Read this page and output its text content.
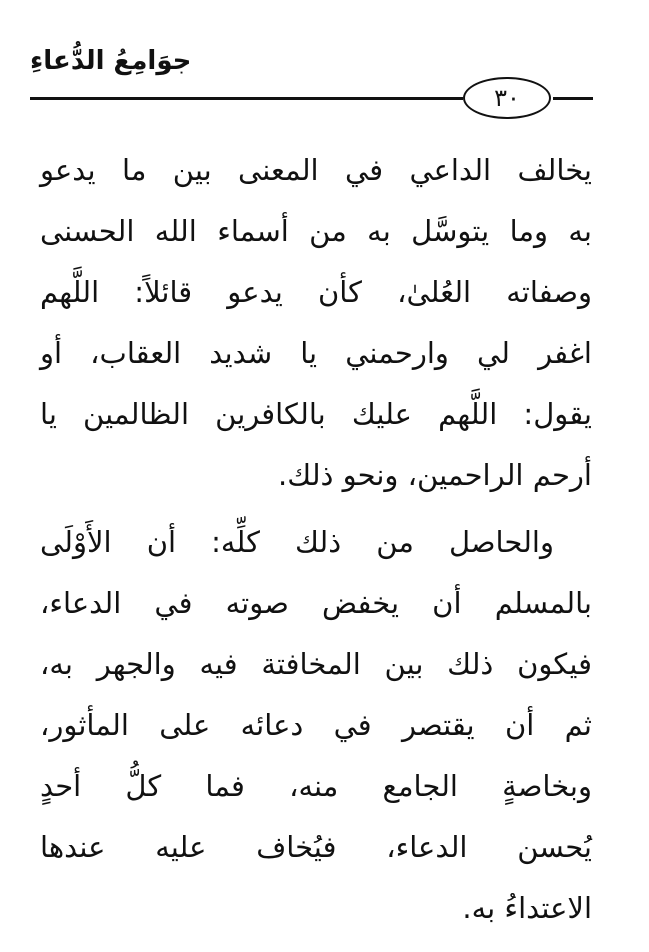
جوَامِعُ الدُّعاءِ
٣٠
يخالف الداعي في المعنى بين ما يدعو
به وما يتوسَّل به من أسماء الله الحسنى
وصفاته العُلىٰ، كأن يدعو قائلاً: اللَّهم
اغفر لي وارحمني يا شديد العقاب، أو
يقول: اللَّهم عليك بالكافرين الظالمين يا
أرحم الراحمين، ونحو ذلك.
والحاصل من ذلك كلِّه: أن الأَوْلَى
بالمسلم أن يخفض صوته في الدعاء،
فيكون ذلك بين المخافتة فيه والجهر به،
ثم أن يقتصر في دعائه على المأثور،
وبخاصةٍ الجامع منه، فما كلُّ أحدٍ
يُحسن الدعاء، فيُخاف عليه عندها
الاعتداءُ به.
